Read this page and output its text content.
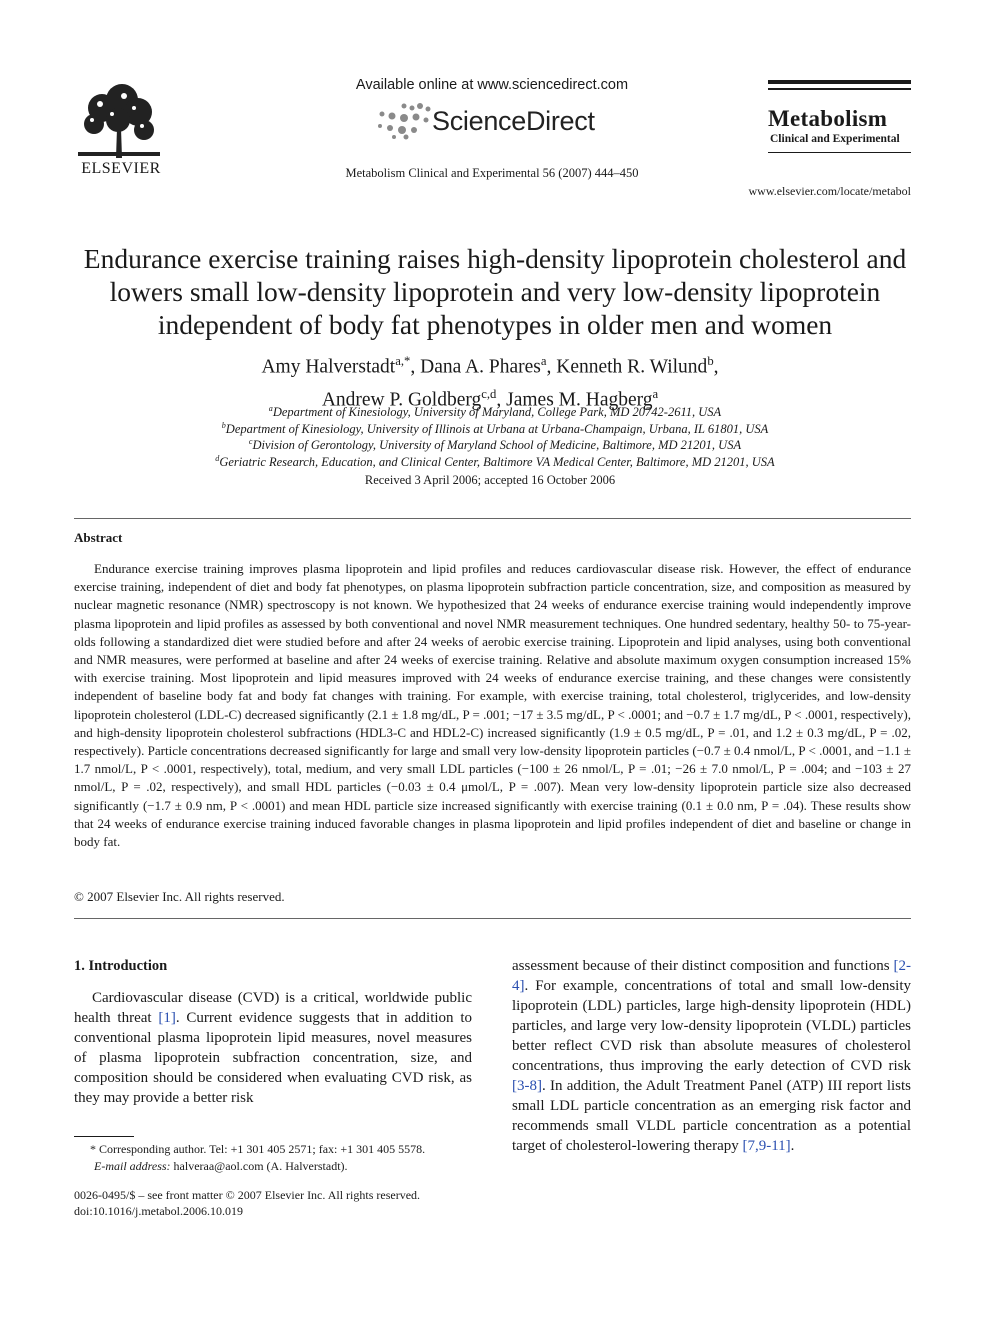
ELSEVIER
Available online at www.sciencedirect.com
ScienceDirect
Metabolism Clinical and Experimental 56 (2007) 444–450
Metabolism
Clinical and Experimental
www.elsevier.com/locate/metabol
Endurance exercise training raises high-density lipoprotein cholesterol and lowers small low-density lipoprotein and very low-density lipoprotein independent of body fat phenotypes in older men and women
Amy Halverstadt$^{a,*}$, Dana A. Phares$^a$, Kenneth R. Wilund$^b$,
Andrew P. Goldberg$^{c,d}$, James M. Hagberg$^a$
$^a$Department of Kinesiology, University of Maryland, College Park, MD 20742-2611, USA
$^b$Department of Kinesiology, University of Illinois at Urbana at Urbana-Champaign, Urbana, IL 61801, USA
$^c$Division of Gerontology, University of Maryland School of Medicine, Baltimore, MD 21201, USA
$^d$Geriatric Research, Education, and Clinical Center, Baltimore VA Medical Center, Baltimore, MD 21201, USA
Received 3 April 2006; accepted 16 October 2006
Abstract

Endurance exercise training improves plasma lipoprotein and lipid profiles and reduces cardiovascular disease risk. However, the effect of endurance exercise training, independent of diet and body fat phenotypes, on plasma lipoprotein subfraction particle concentration, size, and composition as measured by nuclear magnetic resonance (NMR) spectroscopy is not known. We hypothesized that 24 weeks of endurance exercise training would independently improve plasma lipoprotein and lipid profiles as assessed by both conventional and novel NMR measurement techniques. One hundred sedentary, healthy 50- to 75-year-olds following a standardized diet were studied before and after 24 weeks of aerobic exercise training. Lipoprotein and lipid analyses, using both conventional and NMR measures, were performed at baseline and after 24 weeks of exercise training. Relative and absolute maximum oxygen consumption increased 15% with exercise training. Most lipoprotein and lipid measures improved with 24 weeks of endurance exercise training, and these changes were consistently independent of baseline body fat and body fat changes with training. For example, with exercise training, total cholesterol, triglycerides, and low-density lipoprotein cholesterol (LDL-C) decreased significantly (2.1 ± 1.8 mg/dL, P = .001; −17 ± 3.5 mg/dL, P < .0001; and −0.7 ± 1.7 mg/dL, P < .0001, respectively), and high-density lipoprotein cholesterol subfractions (HDL3-C and HDL2-C) increased significantly (1.9 ± 0.5 mg/dL, P = .01, and 1.2 ± 0.3 mg/dL, P = .02, respectively). Particle concentrations decreased significantly for large and small very low-density lipoprotein particles (−0.7 ± 0.4 nmol/L, P < .0001, and −1.1 ± 1.7 nmol/L, P < .0001, respectively), total, medium, and very small LDL particles (−100 ± 26 nmol/L, P = .01; −26 ± 7.0 nmol/L, P = .004; and −103 ± 27 nmol/L, P = .02, respectively), and small HDL particles (−0.03 ± 0.4 μmol/L, P = .007). Mean very low-density lipoprotein particle size also decreased significantly (−1.7 ± 0.9 nm, P < .0001) and mean HDL particle size increased significantly with exercise training (0.1 ± 0.0 nm, P = .04). These results show that 24 weeks of endurance exercise training induced favorable changes in plasma lipoprotein and lipid profiles independent of diet and baseline or change in body fat.

© 2007 Elsevier Inc. All rights reserved.
1. Introduction

Cardiovascular disease (CVD) is a critical, worldwide public health threat [1]. Current evidence suggests that in addition to conventional plasma lipoprotein lipid measures, novel measures of plasma lipoprotein subfraction concentration, size, and composition should be considered when evaluating CVD risk, as they may provide a better risk

assessment because of their distinct composition and functions [2-4]. For example, concentrations of total and small low-density lipoprotein (LDL) particles, large high-density lipoprotein (HDL) particles, and large very low-density lipoprotein (VLDL) particles better reflect CVD risk than absolute measures of cholesterol concentrations, thus improving the early detection of CVD risk [3-8]. In addition, the Adult Treatment Panel (ATP) III report lists small LDL particle concentration as an emerging risk factor and recommends small VLDL particle concentration as a potential target of cholesterol-lowering therapy [7,9-11].

* Corresponding author. Tel: +1 301 405 2571; fax: +1 301 405 5578.
E-mail address: halveraa@aol.com (A. Halverstadt).
0026-0495/$ – see front matter © 2007 Elsevier Inc. All rights reserved.
doi:10.1016/j.metabol.2006.10.019
